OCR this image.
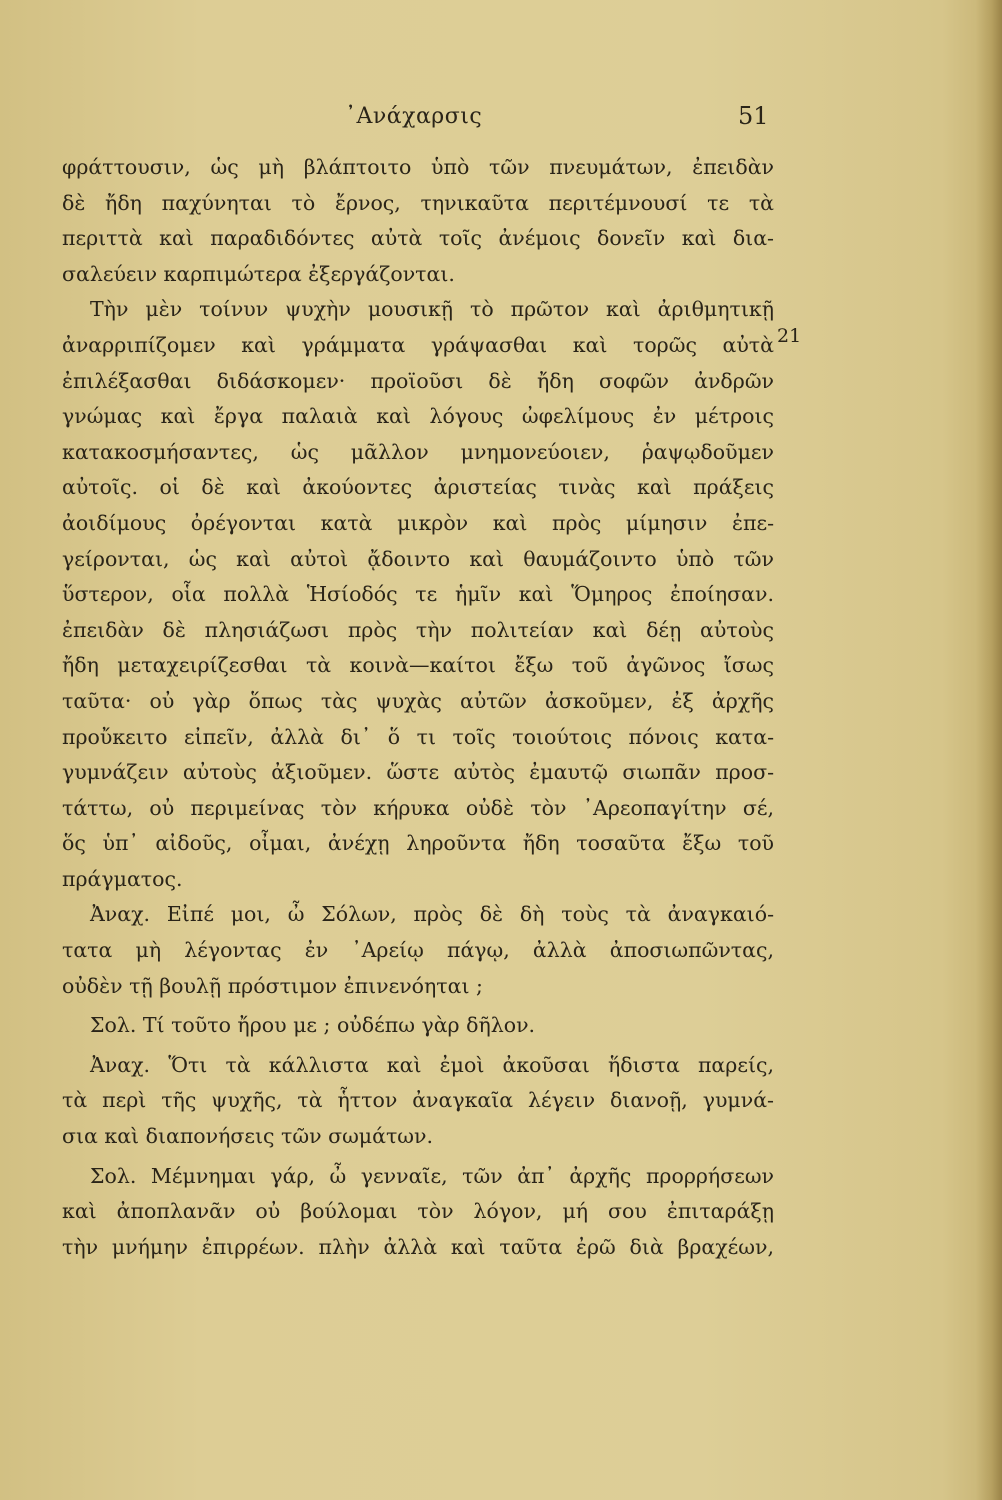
᾿Ανάχαρσις	51
21
φράττουσιν, ὡς μὴ βλάπτοιτο ὑπὸ τῶν πνευμάτων, ἐπειδὰν
δὲ ἤδη παχύνηται τὸ ἔρνος, τηνικαῦτα περιτέμνουσί τε τὰ
περιττὰ καὶ παραδιδόντες αὐτὰ τοῖς ἀνέμοις δονεῖν καὶ δια-
σαλεύειν καρπιμώτερα ἐξεργάζονται.
Τὴν μὲν τοίνυν ψυχὴν μουσικῇ τὸ πρῶτον καὶ ἀριθμητικῇ
ἀναρριπίζομεν καὶ γράμματα γράψασθαι καὶ τορῶς αὐτὰ
ἐπιλέξασθαι διδάσκομεν· προϊοῦσι δὲ ἤδη σοφῶν ἀνδρῶν
γνώμας καὶ ἔργα παλαιὰ καὶ λόγους ὠφελίμους ἐν μέτροις
κατακοσμήσαντες, ὡς μᾶλλον μνημονεύοιεν, ῥαψῳδοῦμεν
αὐτοῖς. οἱ δὲ καὶ ἀκούοντες ἀριστείας τινὰς καὶ πράξεις
ἀοιδίμους ὀρέγονται κατὰ μικρὸν καὶ πρὸς μίμησιν ἐπε-
γείρονται, ὡς καὶ αὐτοὶ ᾄδοιντο καὶ θαυμάζοιντο ὑπὸ τῶν
ὕστερον, οἷα πολλὰ Ἡσίοδός τε ἡμῖν καὶ Ὅμηρος ἐποίησαν.
ἐπειδὰν δὲ πλησιάζωσι πρὸς τὴν πολιτείαν καὶ δέῃ αὐτοὺς
ἤδη μεταχειρίζεσθαι τὰ κοινὰ—καίτοι ἔξω τοῦ ἀγῶνος ἴσως
ταῦτα· οὐ γὰρ ὅπως τὰς ψυχὰς αὐτῶν ἀσκοῦμεν, ἐξ ἀρχῆς
προὔκειτο εἰπεῖν, ἀλλὰ δι᾿ ὅ τι τοῖς τοιούτοις πόνοις κατα-
γυμνάζειν αὐτοὺς ἀξιοῦμεν. ὥστε αὐτὸς ἐμαυτῷ σιωπᾶν προσ-
τάττω, οὐ περιμείνας τὸν κήρυκα οὐδὲ τὸν ᾿Αρεοπαγίτην σέ,
ὅς ὑπ᾿ αἰδοῦς, οἶμαι, ἀνέχῃ ληροῦντα ἤδη τοσαῦτα ἔξω τοῦ
πράγματος.
Ἀναχ. Εἰπέ μοι, ὦ Σόλων, πρὸς δὲ δὴ τοὺς τὰ ἀναγκαιό-
τατα μὴ λέγοντας ἐν ᾿Αρείῳ πάγῳ, ἀλλὰ ἀποσιωπῶντας,
οὐδὲν τῇ βουλῇ πρόστιμον ἐπινενόηται ;
Σολ. Τί τοῦτο ἤρου με ; οὐδέπω γὰρ δῆλον.
Ἀναχ. Ὅτι τὰ κάλλιστα καὶ ἐμοὶ ἀκοῦσαι ἥδιστα παρείς,
τὰ περὶ τῆς ψυχῆς, τὰ ἧττον ἀναγκαῖα λέγειν διανοῇ, γυμνά-
σια καὶ διαπονήσεις τῶν σωμάτων.
Σολ. Μέμνημαι γάρ, ὦ γενναῖε, τῶν ἀπ᾿ ἀρχῆς προρρήσεων
καὶ ἀποπλανᾶν οὐ βούλομαι τὸν λόγον, μή σου ἐπιταράξῃ
τὴν μνήμην ἐπιρρέων. πλὴν ἀλλὰ καὶ ταῦτα ἐρῶ διὰ βραχέων,
